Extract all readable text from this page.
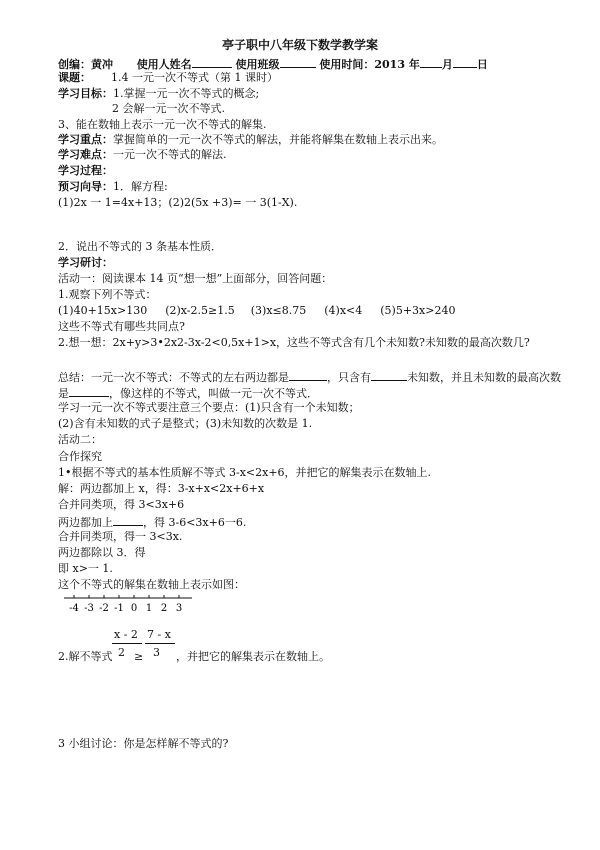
亭子职中八年级下数学教学案
创编：黄冲 使用人姓名	使用班级	使用时间：2013 年 月 日
课题： 1.4 一元一次不等式（第 1 课时）
学习目标：1.掌握一元一次不等式的概念;
2 会解一元一次不等式.
3、能在数轴上表示一元一次不等式的解集.
学习重点：掌握简单的一元一次不等式的解法，并能将解集在数轴上表示出来。
学习难点：一元一次不等式的解法.
学习过程：
预习向导：1．解方程:
(1)2x 一 1=4x+13；(2)2(5x +3)= 一 3(1-X).
2．说出不等式的 3 条基本性质．
学习研讨：
活动一：阅读课本 14 页“想一想”上面部分，回答问题：
1.观察下列不等式：
(1)40+15x>130 (2)x-2.5≥1.5 (3)x≤8.75 (4)x<4 (5)5+3x>240
这些不等式有哪些共同点?
2.想一想：2x+y>3•2x2-3x-2<0,5x+1>x，这些不等式含有几个未知数?未知数的最高次数几?
总结：一元一次不等式：不等式的左右两边都是	，只含有	未知数，并且未知数的最高次数
是	，像这样的不等式，叫做一元一次不等式．
学习一元一次不等式要注意三个要点：(1)只含有一个未知数；
(2)含有未知数的式子是整式；(3)未知数的次数是 1.
活动二：
合作探究
1•根据不等式的基本性质解不等式 3-x<2x+6，并把它的解集表示在数轴上.
解：两边都加上 x，得：3-x+x<2x+6+x
合并同类项，得 3<3x+6
两边都加上	，得 3-6<3x+6一6.
合并同类项，得一 3<3x.
两边都除以 3．得
即 x>一 1.
这个不等式的解集在数轴上表示如图：
-4 -3 -2 -1 0 1 2 3
2.解不等式
x - 2
2 ≥
7 - x
3 ，并把它的解集表示在数轴上。
3 小组讨论：你是怎样解不等式的?
